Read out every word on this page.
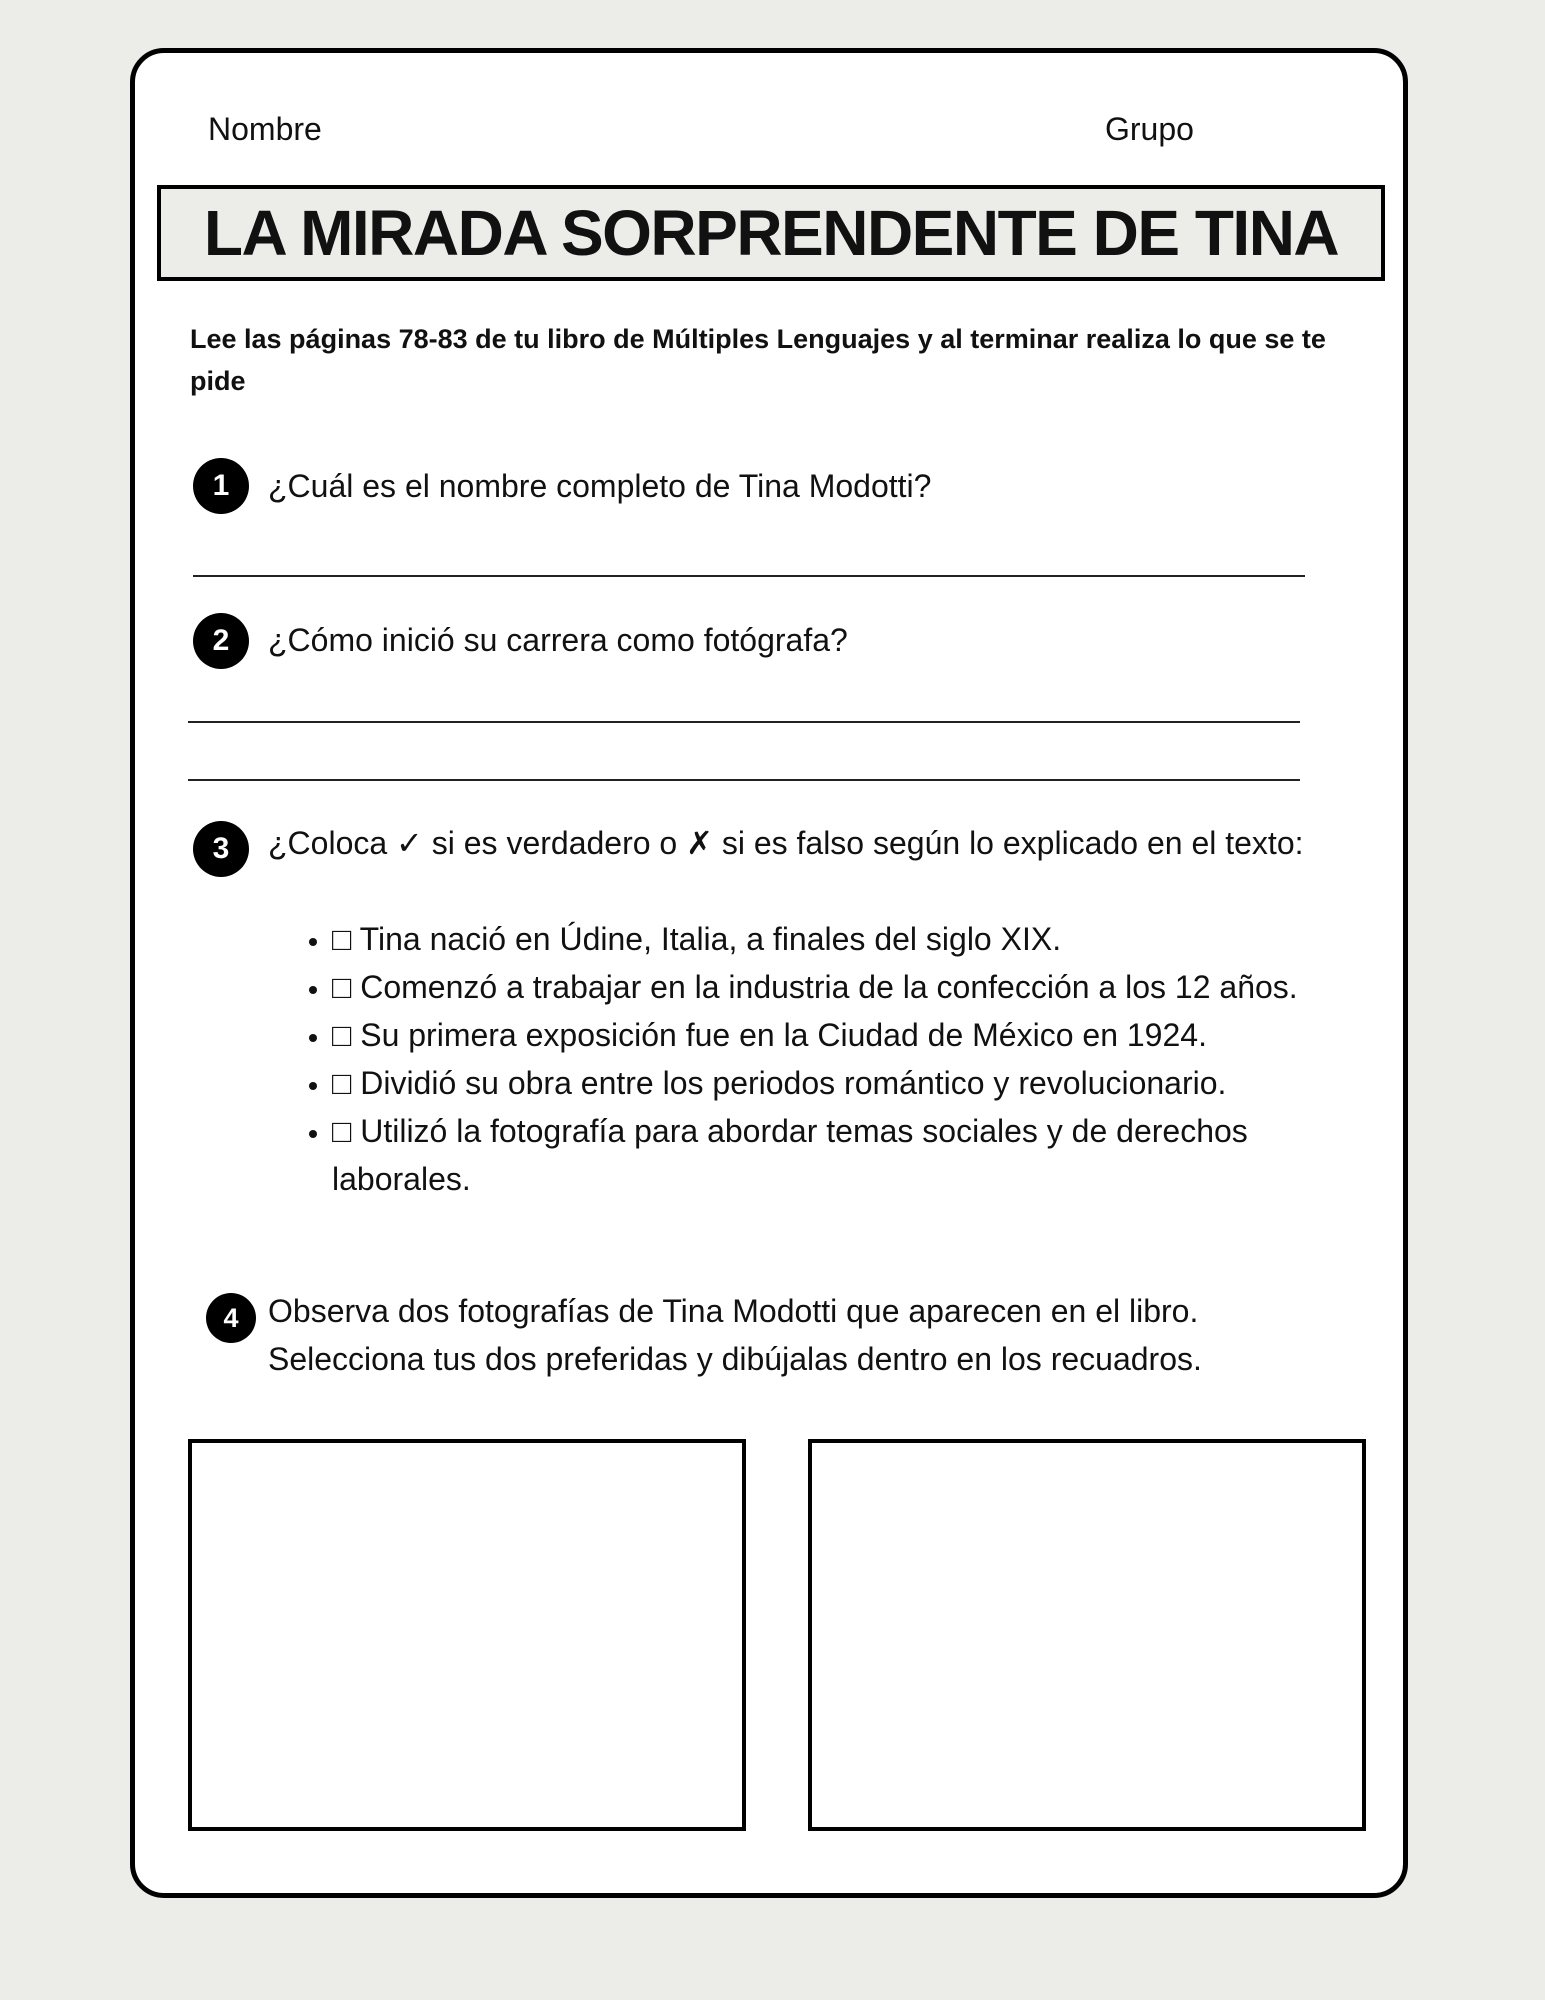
Nombre	Grupo
LA MIRADA SORPRENDENTE DE TINA
Lee las páginas 78-83 de tu libro de Múltiples Lenguajes y al terminar realiza lo que se te pide
1	¿Cuál es el nombre completo de Tina Modotti?
2	¿Cómo inició su carrera como fotógrafa?
3	¿Coloca ✓ si es verdadero o ✗ si es falso según lo explicado en el texto:
• □ Tina nació en Údine, Italia, a finales del siglo XIX.
• □ Comenzó a trabajar en la industria de la confección a los 12 años.
• □ Su primera exposición fue en la Ciudad de México en 1924.
• □ Dividió su obra entre los periodos romántico y revolucionario.
• □ Utilizó la fotografía para abordar temas sociales y de derechos laborales.
4 Observa dos fotografías de Tina Modotti que aparecen en el libro. Selecciona tus dos preferidas y dibújalas dentro en los recuadros.
